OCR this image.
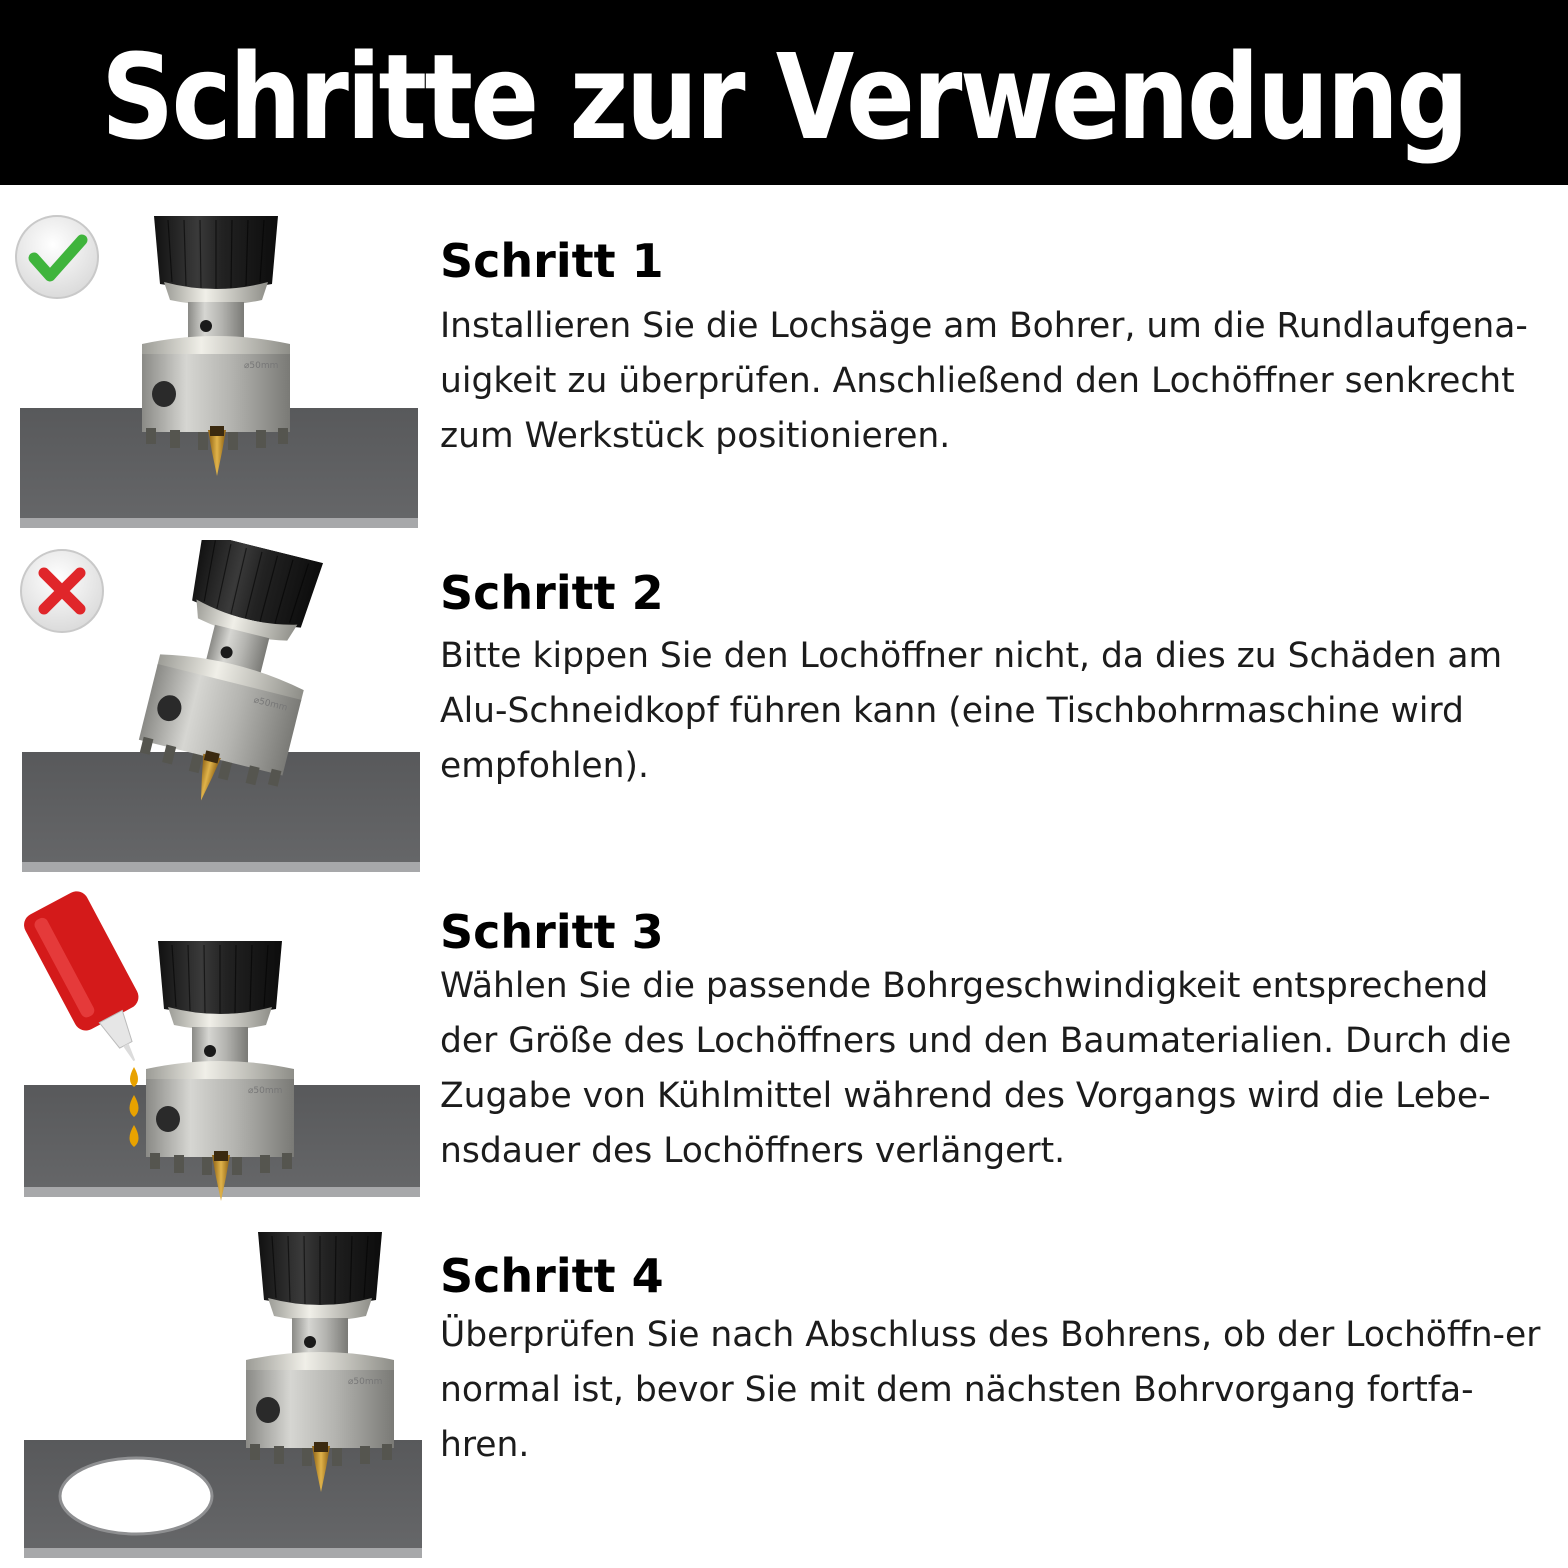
Schritte zur Verwendung
Schritt 1

Installieren Sie die Lochsäge am Bohrer, um die Rundlaufgena-uigkeit zu überprüfen. Anschließend den Lochöffner senkrecht zum Werkstück positionieren.

Schritt 2

Bitte kippen Sie den Lochöffner nicht, da dies zu Schäden am Alu-Schneidkopf führen kann (eine Tischbohrmaschine wird empfohlen).

Schritt 3

Wählen Sie die passende Bohrgeschwindigkeit entsprechend der Größe des Lochöffners und den Baumaterialien. Durch die Zugabe von Kühlmittel während des Vorgangs wird die Lebe-nsdauer des Lochöffners verlängert.

Schritt 4

Überprüfen Sie nach Abschluss des Bohrens, ob der Lochöffn-er normal ist, bevor Sie mit dem nächsten Bohrvorgang fortfa-hren.
